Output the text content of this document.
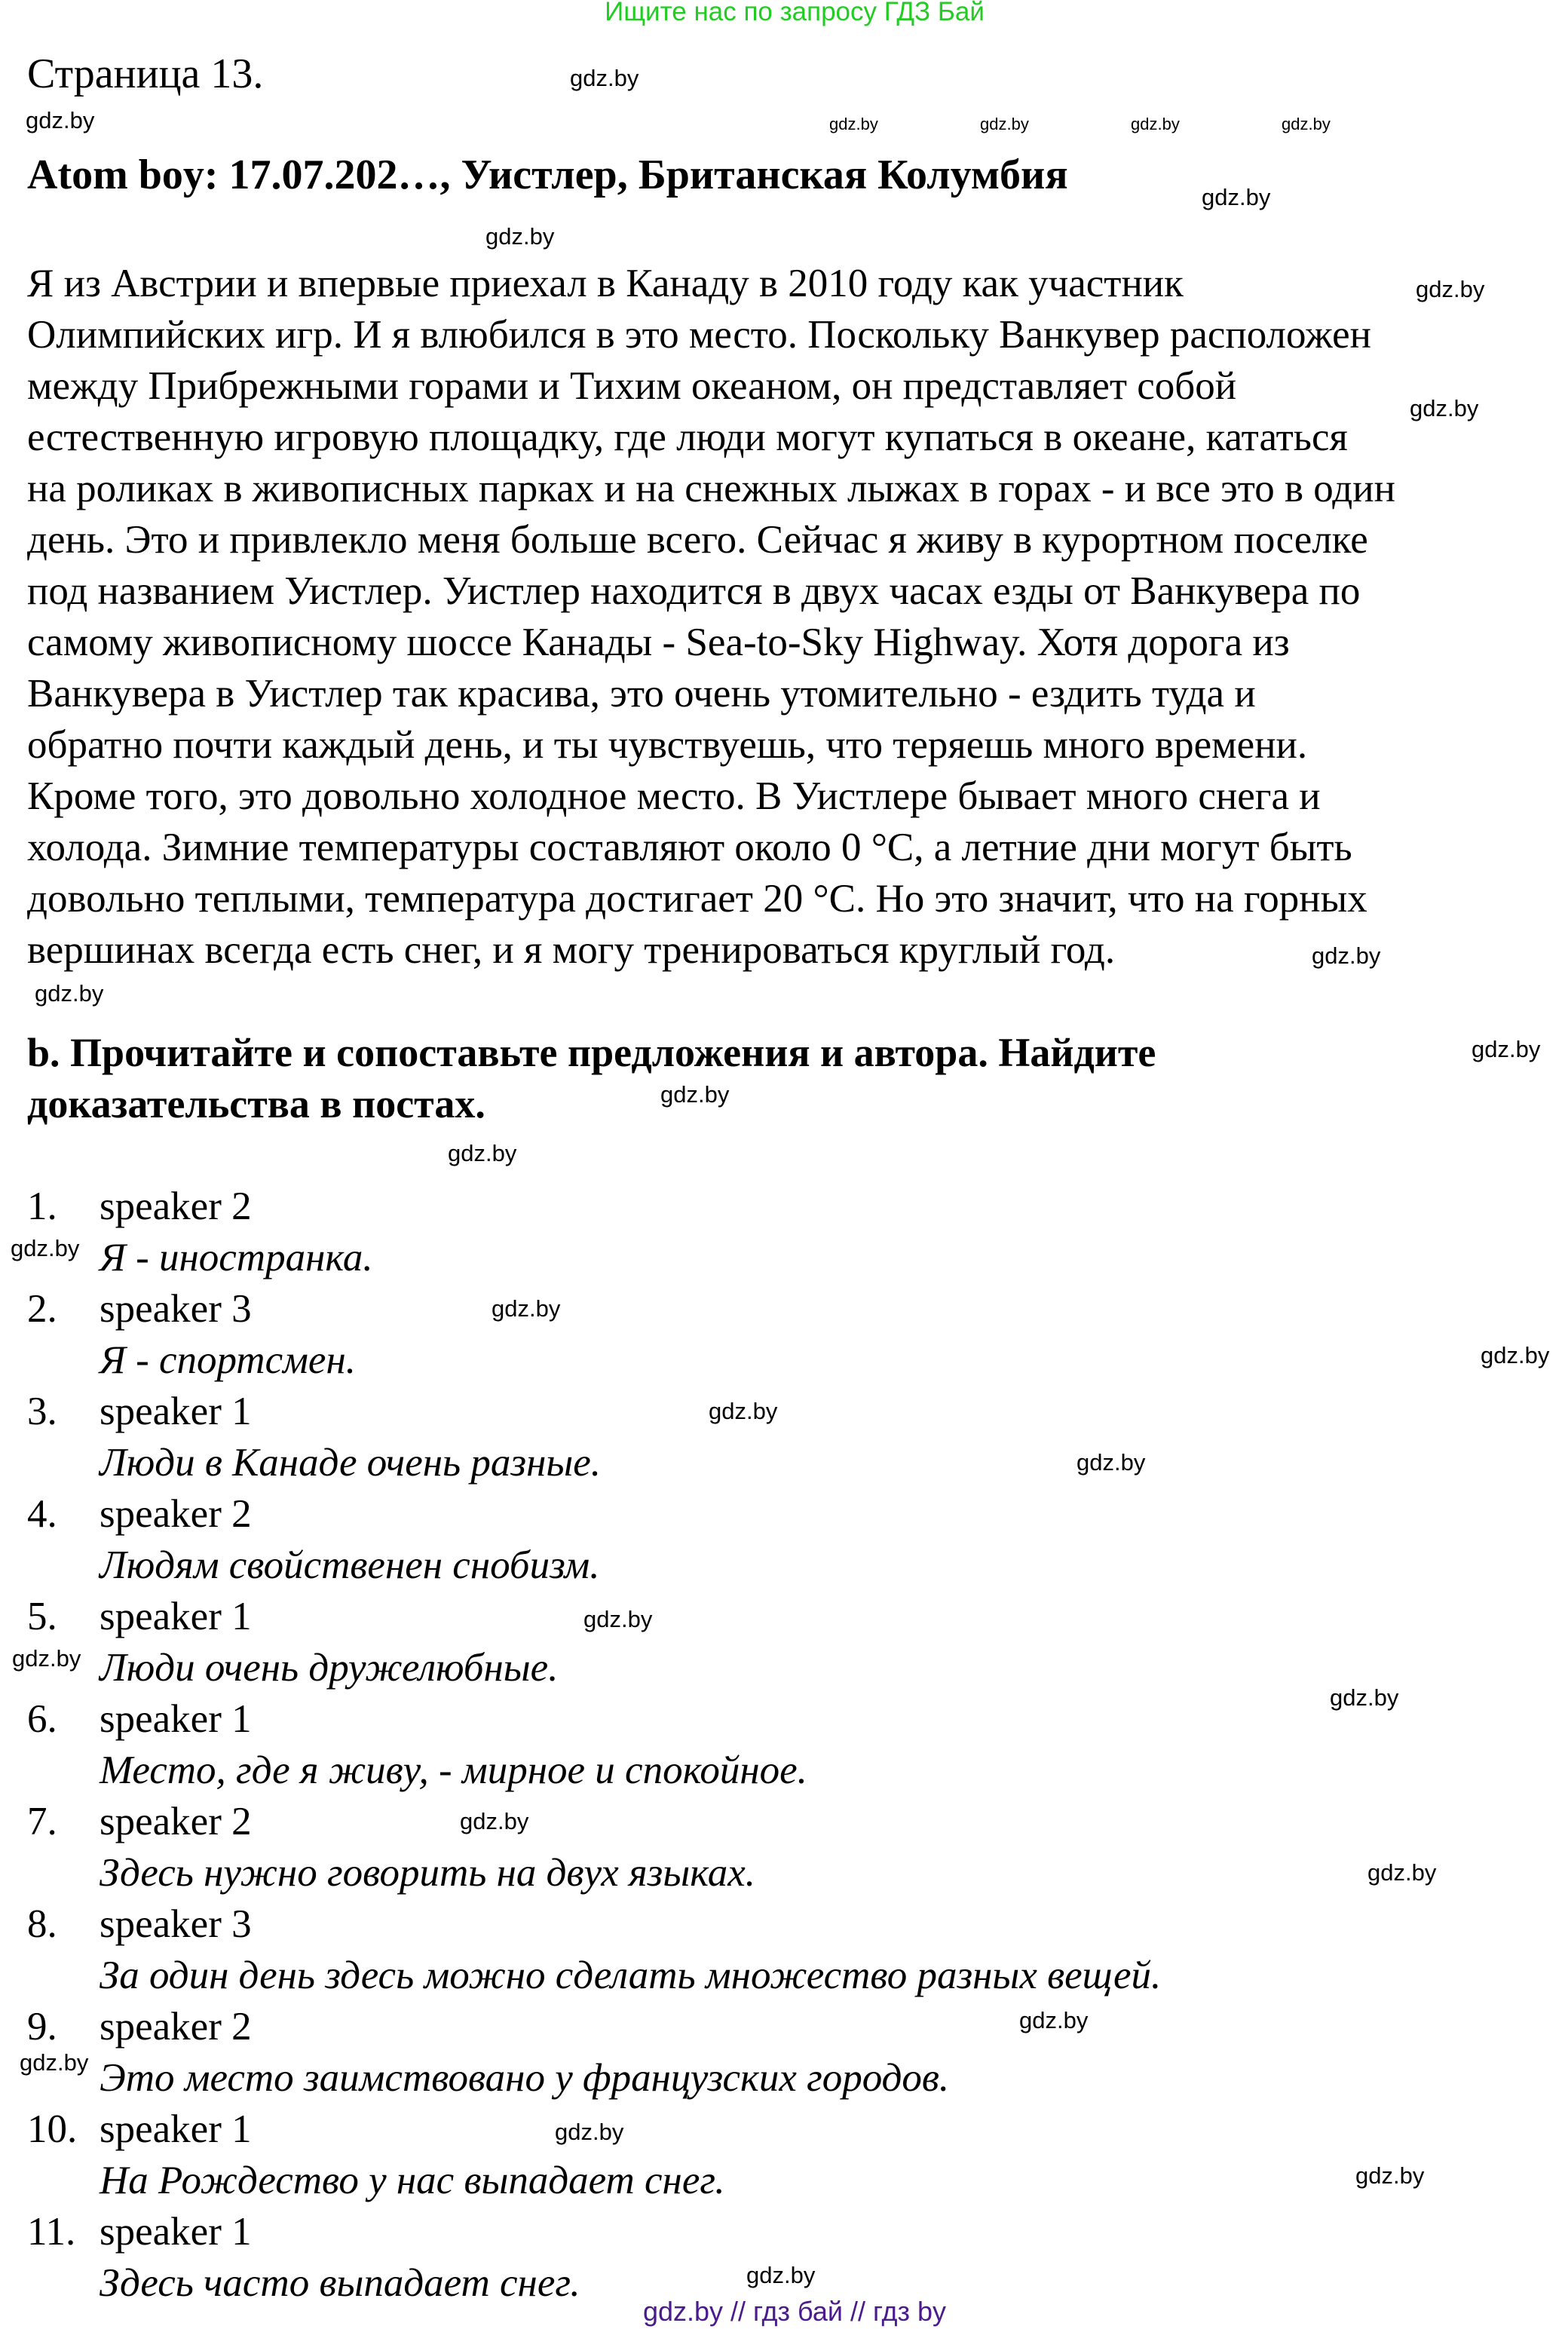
Ищите нас по запросу ГДЗ Бай
Страница 13.
Atom boy: 17.07.202…, Уистлер, Британская Колумбия
Я из Австрии и впервые приехал в Канаду в 2010 году как участник
Олимпийских игр. И я влюбился в это место. Поскольку Ванкувер расположен
между Прибрежными горами и Тихим океаном, он представляет собой
естественную игровую площадку, где люди могут купаться в океане, кататься
на роликах в живописных парках и на снежных лыжах в горах - и все это в один
день. Это и привлекло меня больше всего. Сейчас я живу в курортном поселке
под названием Уистлер. Уистлер находится в двух часах езды от Ванкувера по
самому живописному шоссе Канады - Sea-to-Sky Highway. Хотя дорога из
Ванкувера в Уистлер так красива, это очень утомительно - ездить туда и
обратно почти каждый день, и ты чувствуешь, что теряешь много времени.
Кроме того, это довольно холодное место. В Уистлере бывает много снега и
холода. Зимние температуры составляют около 0 °C, а летние дни могут быть
довольно теплыми, температура достигает 20 °C. Но это значит, что на горных
вершинах всегда есть снег, и я могу тренироваться круглый год.
b. Прочитайте и сопоставьте предложения и автора. Найдите
доказательства в постах.
1. speaker 2
Я - иностранка.
2. speaker 3
Я - спортсмен.
3. speaker 1
Люди в Канаде очень разные.
4. speaker 2
Людям свойственен снобизм.
5. speaker 1
Люди очень дружелюбные.
6. speaker 1
Место, где я живу, - мирное и спокойное.
7. speaker 2
Здесь нужно говорить на двух языках.
8. speaker 3
За один день здесь можно сделать множество разных вещей.
9. speaker 2
Это место заимствовано у французских городов.
10. speaker 1
На Рождество у нас выпадает снег.
11. speaker 1
Здесь часто выпадает снег.
gdz.by
gdz.by
gdz.by
gdz.by
gdz.by
gdz.by
gdz.by	gdz.by	gdz.by	gdz.by
gdz.by
gdz.by
gdz.by
gdz.by
gdz.by
gdz.by
gdz.by
gdz.by
gdz.by
gdz.by
gdz.by
gdz.by
gdz.by
gdz.by
gdz.by
gdz.by
gdz.by
gdz.by
gdz.by
gdz.by
gdz.by // гдз бай // гдз by
